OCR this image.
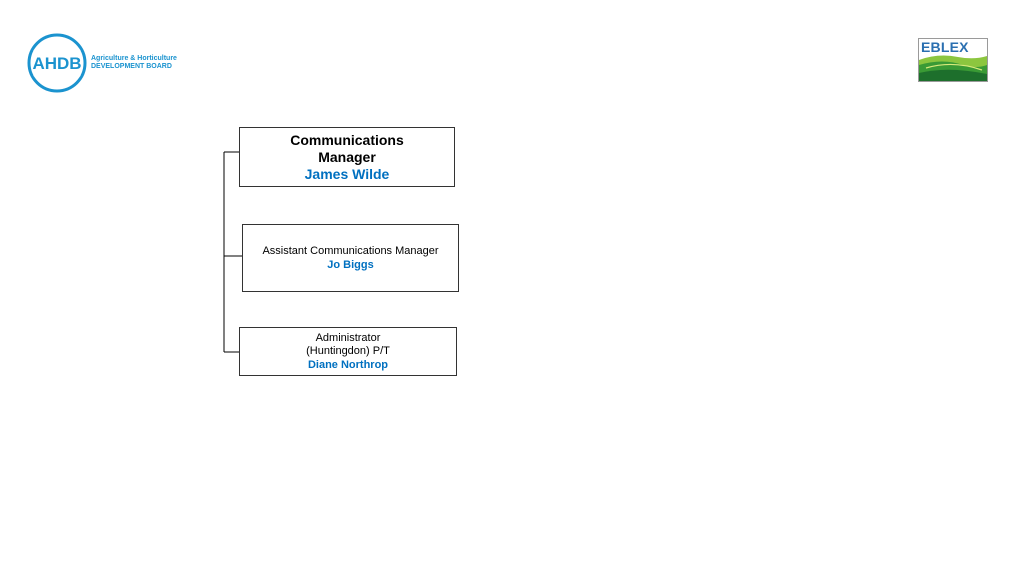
AHDB Agriculture & Horticulture
DEVELOPMENT BOARD
EBLEX
Communications
Manager
James Wilde
Assistant Communications Manager
Jo Biggs
Administrator
(Huntingdon) P/T
Diane Northrop
